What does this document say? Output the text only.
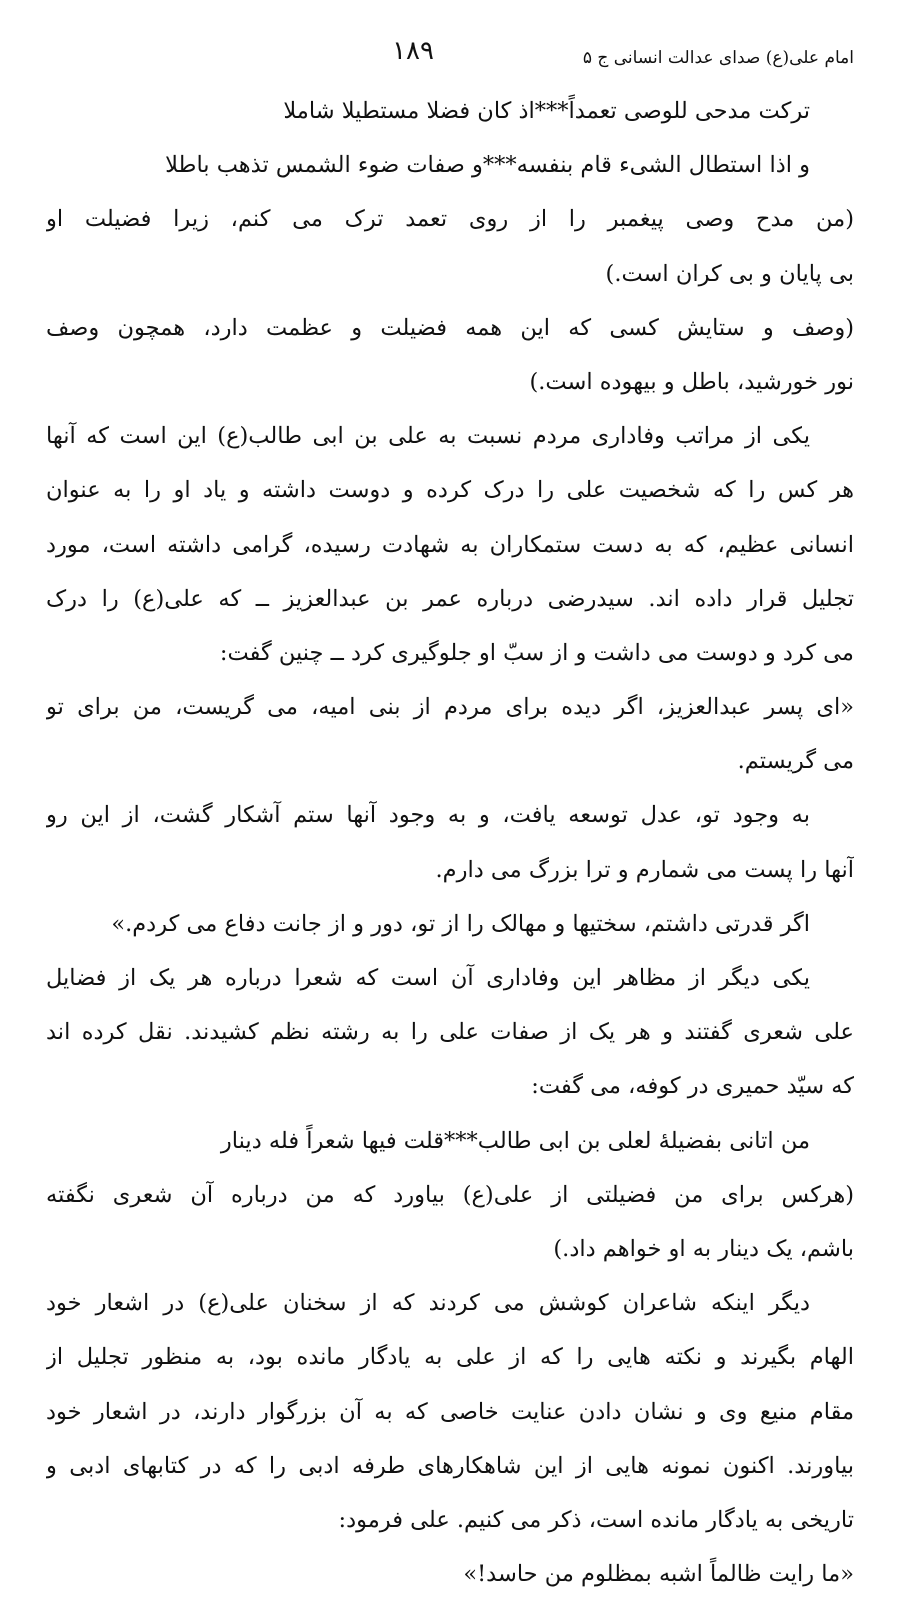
امام علی(ع) صدای عدالت انسانی ج ۵
۱۸۹
ترکت مدحی للوصی تعمداً***اذ کان فضلا مستطیلا شاملا
و اذا استطال الشیء قام بنفسه***و صفات ضوء الشمس تذهب باطلا
(من مدح وصی پیغمبر را از روی تعمد ترک می کنم، زیرا فضیلت او
بی پایان و بی کران است.)
(وصف و ستایش کسی که این همه فضیلت و عظمت دارد، همچون وصف
نور خورشید، باطل و بیهوده است.)
یکی از مراتب وفاداری مردم نسبت به علی بن ابی طالب(ع) این است که آنها
هر کس را که شخصیت علی را درک کرده و دوست داشته و یاد او را به عنوان
انسانی عظیم، که به دست ستمکاران به شهادت رسیده، گرامی داشته است، مورد
تجلیل قرار داده اند. سیدرضی درباره عمر بن عبدالعزیز ــ که علی(ع) را درک
می کرد و دوست می داشت و از سبّ او جلوگیری کرد ــ چنین گفت:
«ای پسر عبدالعزیز، اگر دیده برای مردم از بنی امیه، می گریست، من برای تو
می گریستم.
به وجود تو، عدل توسعه یافت، و به وجود آنها ستم آشکار گشت، از این رو
آنها را پست می شمارم و ترا بزرگ می دارم.
اگر قدرتی داشتم، سختیها و مهالک را از تو، دور و از جانت دفاع می کردم.»
یکی دیگر از مظاهر این وفاداری آن است که شعرا درباره هر یک از فضایل
علی شعری گفتند و هر یک از صفات علی را به رشته نظم کشیدند. نقل کرده اند
که سیّد حمیری در کوفه، می گفت:
من اتانی بفضیلهٔ لعلی بن ابی طالب***قلت فیها شعراً فله دینار
(هرکس برای من فضیلتی از علی(ع) بیاورد که من درباره آن شعری نگفته
باشم، یک دینار به او خواهم داد.)
دیگر اینکه شاعران کوشش می کردند که از سخنان علی(ع) در اشعار خود
الهام بگیرند و نکته هایی را که از علی به یادگار مانده بود، به منظور تجلیل از
مقام منیع وی و نشان دادن عنایت خاصی که به آن بزرگوار دارند، در اشعار خود
بیاورند. اکنون نمونه هایی از این شاهکارهای طرفه ادبی را که در کتابهای ادبی و
تاریخی به یادگار مانده است، ذکر می کنیم. علی فرمود:
«ما رایت ظالماً اشبه بمظلوم من حاسد!»
